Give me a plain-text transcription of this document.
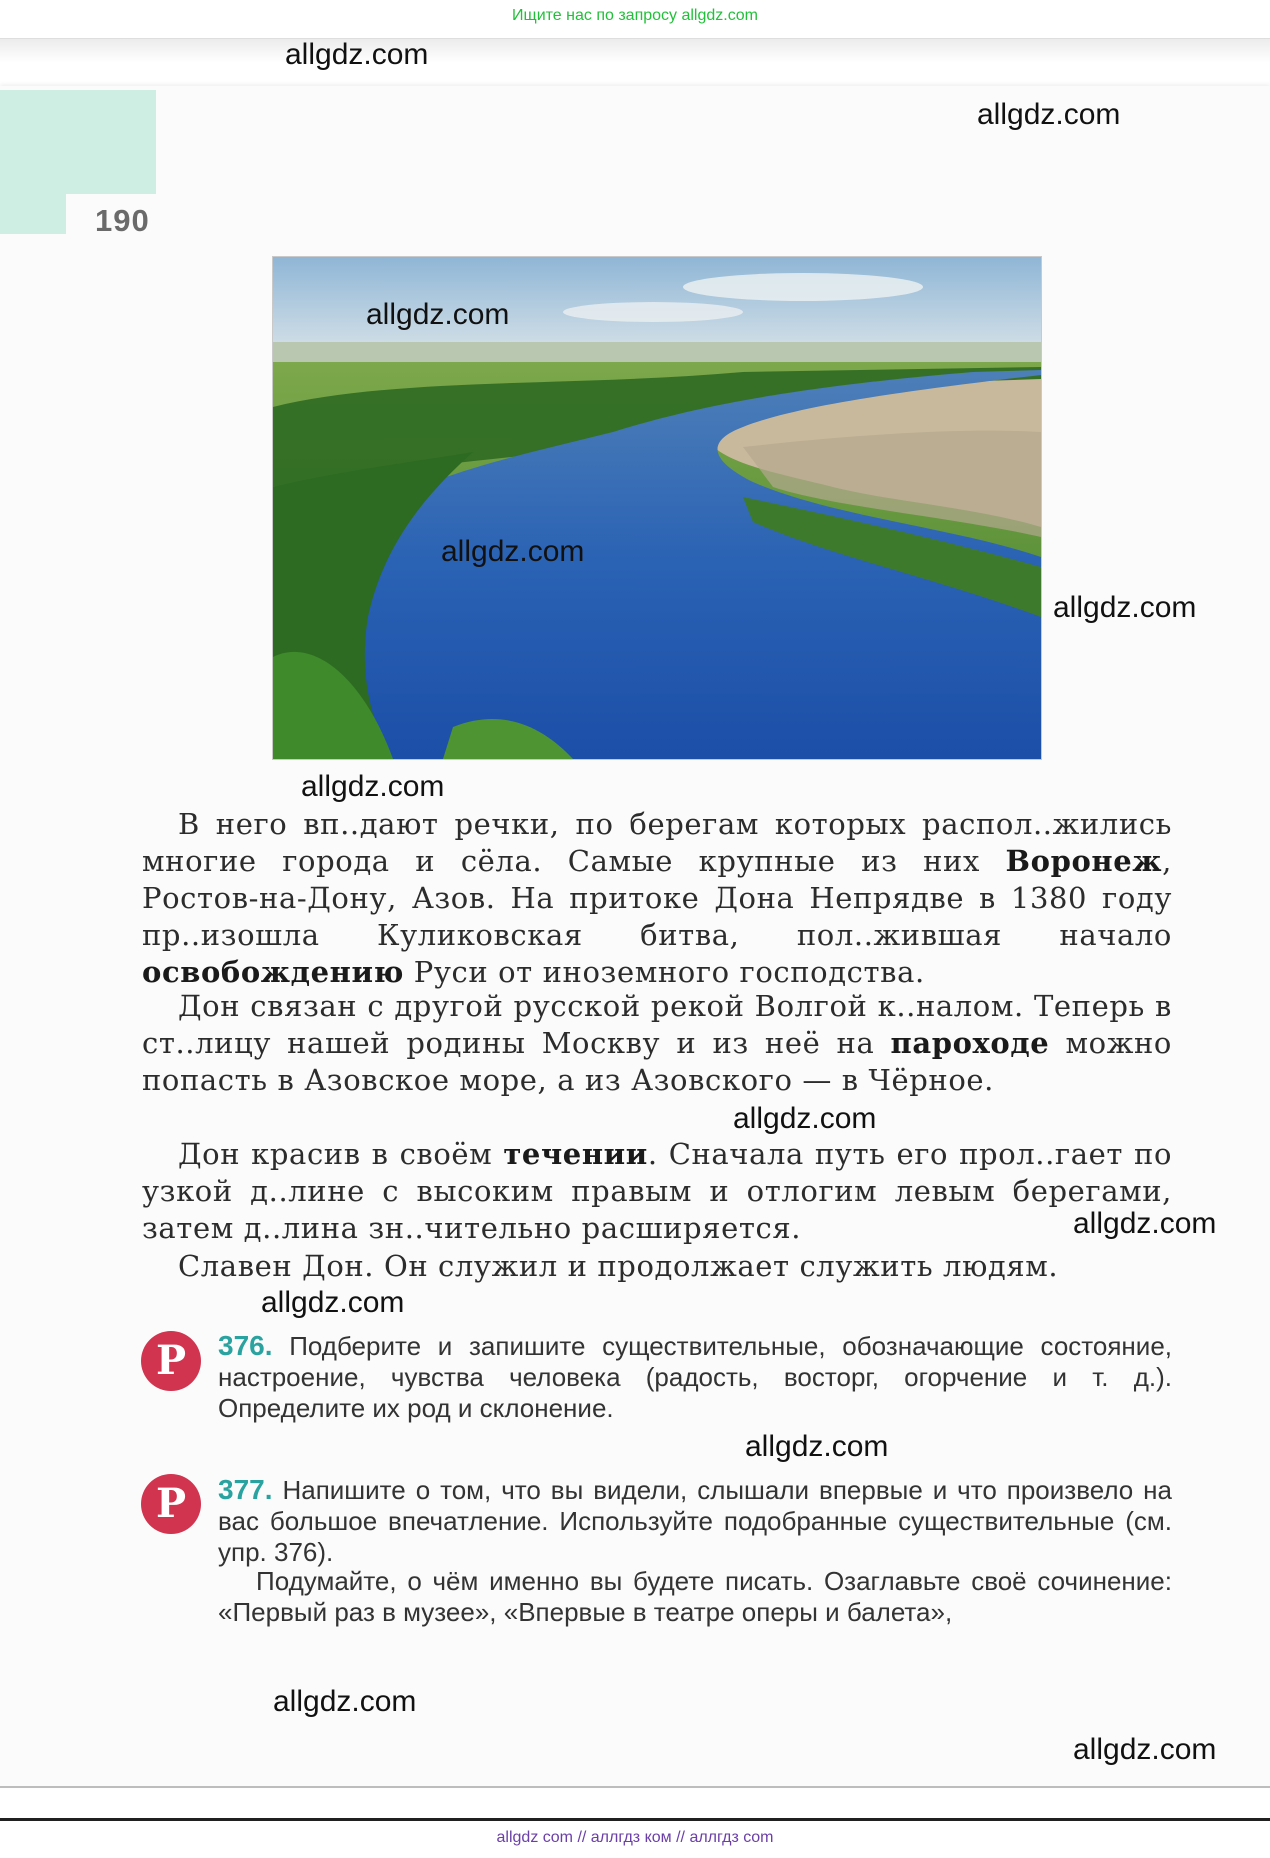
Ищите нас по запросу allgdz.com
190
allgdz.com
allgdz.com
allgdz.com
allgdz.com
allgdz.com
allgdz.com
allgdz.com
allgdz.com
allgdz.com
allgdz.com
allgdz.com
allgdz.com

В него вп..дают речки, по берегам которых распол..жились многие города и сёла. Самые крупные из них Воронеж, Ростов-на-Дону, Азов. На притоке Дона Непрядве в 1380 году пр..изошла Куликовская битва, пол..жившая начало освобождению Руси от иноземного господства.

Дон связан с другой русской рекой Волгой к..налом. Теперь в ст..лицу нашей родины Москву и из неё на пароходе можно попасть в Азовское море, а из Азовского — в Чёрное.

Дон красив в своём течении. Сначала путь его прол..гает по узкой д..лине с высоким правым и отлогим левым берегами, затем д..лина зн..чительно расширяется.

Славен Дон. Он служил и продолжает служить людям.

Р	376. Подберите и запишите существительные, обозначающие состояние, настроение, чувства человека (радость, восторг, огорчение и т. д.). Определите их род и склонение.

Р	377. Напишите о том, что вы видели, слышали впервые и что произвело на вас большое впечатление. Используйте подобранные существительные (см. упр. 376).

Подумайте, о чём именно вы будете писать. Озаглавьте своё сочинение: «Первый раз в музее», «Впервые в театре оперы и балета»,

allgdz com // аллгдз ком // аллгдз com
